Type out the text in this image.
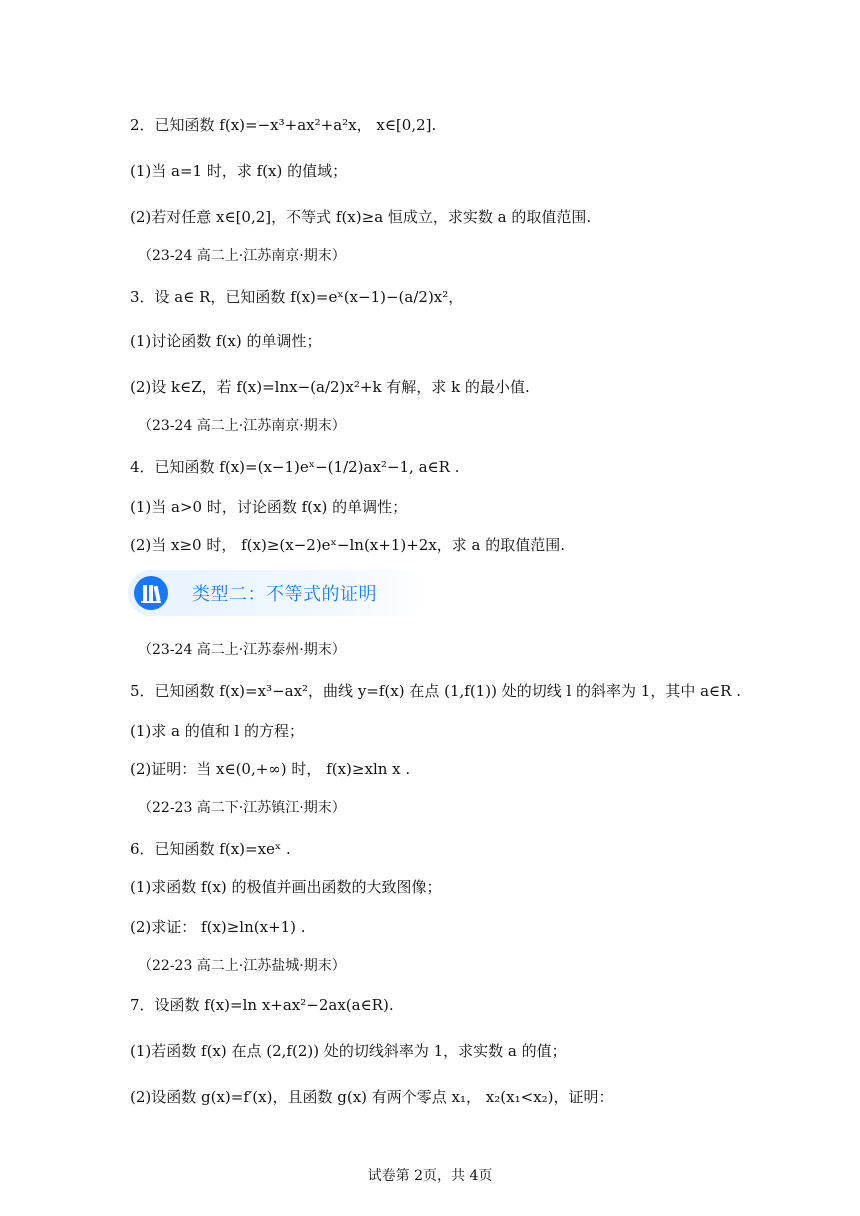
2．已知函数 f(x)=−x³+ax²+a²x， x∈[0,2].
(1)当 a=1 时，求 f(x) 的值域；
(2)若对任意 x∈[0,2]，不等式 f(x)≥a 恒成立，求实数 a 的取值范围.
（23-24 高二上·江苏南京·期末）
3．设 a∈ R，已知函数 f(x)=eˣ(x−1)−(a/2)x²，
(1)讨论函数 f(x) 的单调性；
(2)设 k∈Z，若 f(x)=lnx−(a/2)x²+k 有解，求 k 的最小值.
（23-24 高二上·江苏南京·期末）
4．已知函数 f(x)=(x−1)eˣ−(1/2)ax²−1, a∈R .
(1)当 a>0 时，讨论函数 f(x) 的单调性；
(2)当 x≥0 时， f(x)≥(x−2)eˣ−ln(x+1)+2x，求 a 的取值范围.
类型二：不等式的证明
（23-24 高二上·江苏泰州·期末）
5．已知函数 f(x)=x³−ax²，曲线 y=f(x) 在点 (1,f(1)) 处的切线 l 的斜率为 1，其中 a∈R .
(1)求 a 的值和 l 的方程；
(2)证明：当 x∈(0,+∞) 时， f(x)≥xln x .
（22-23 高二下·江苏镇江·期末）
6．已知函数 f(x)=xeˣ .
(1)求函数 f(x) 的极值并画出函数的大致图像；
(2)求证： f(x)≥ln(x+1) .
（22-23 高二上·江苏盐城·期末）
7．设函数 f(x)=ln x+ax²−2ax(a∈R).
(1)若函数 f(x) 在点 (2,f(2)) 处的切线斜率为 1，求实数 a 的值；
(2)设函数 g(x)=f′(x)，且函数 g(x) 有两个零点 x₁， x₂(x₁<x₂)，证明：
试卷第 2页，共 4页
